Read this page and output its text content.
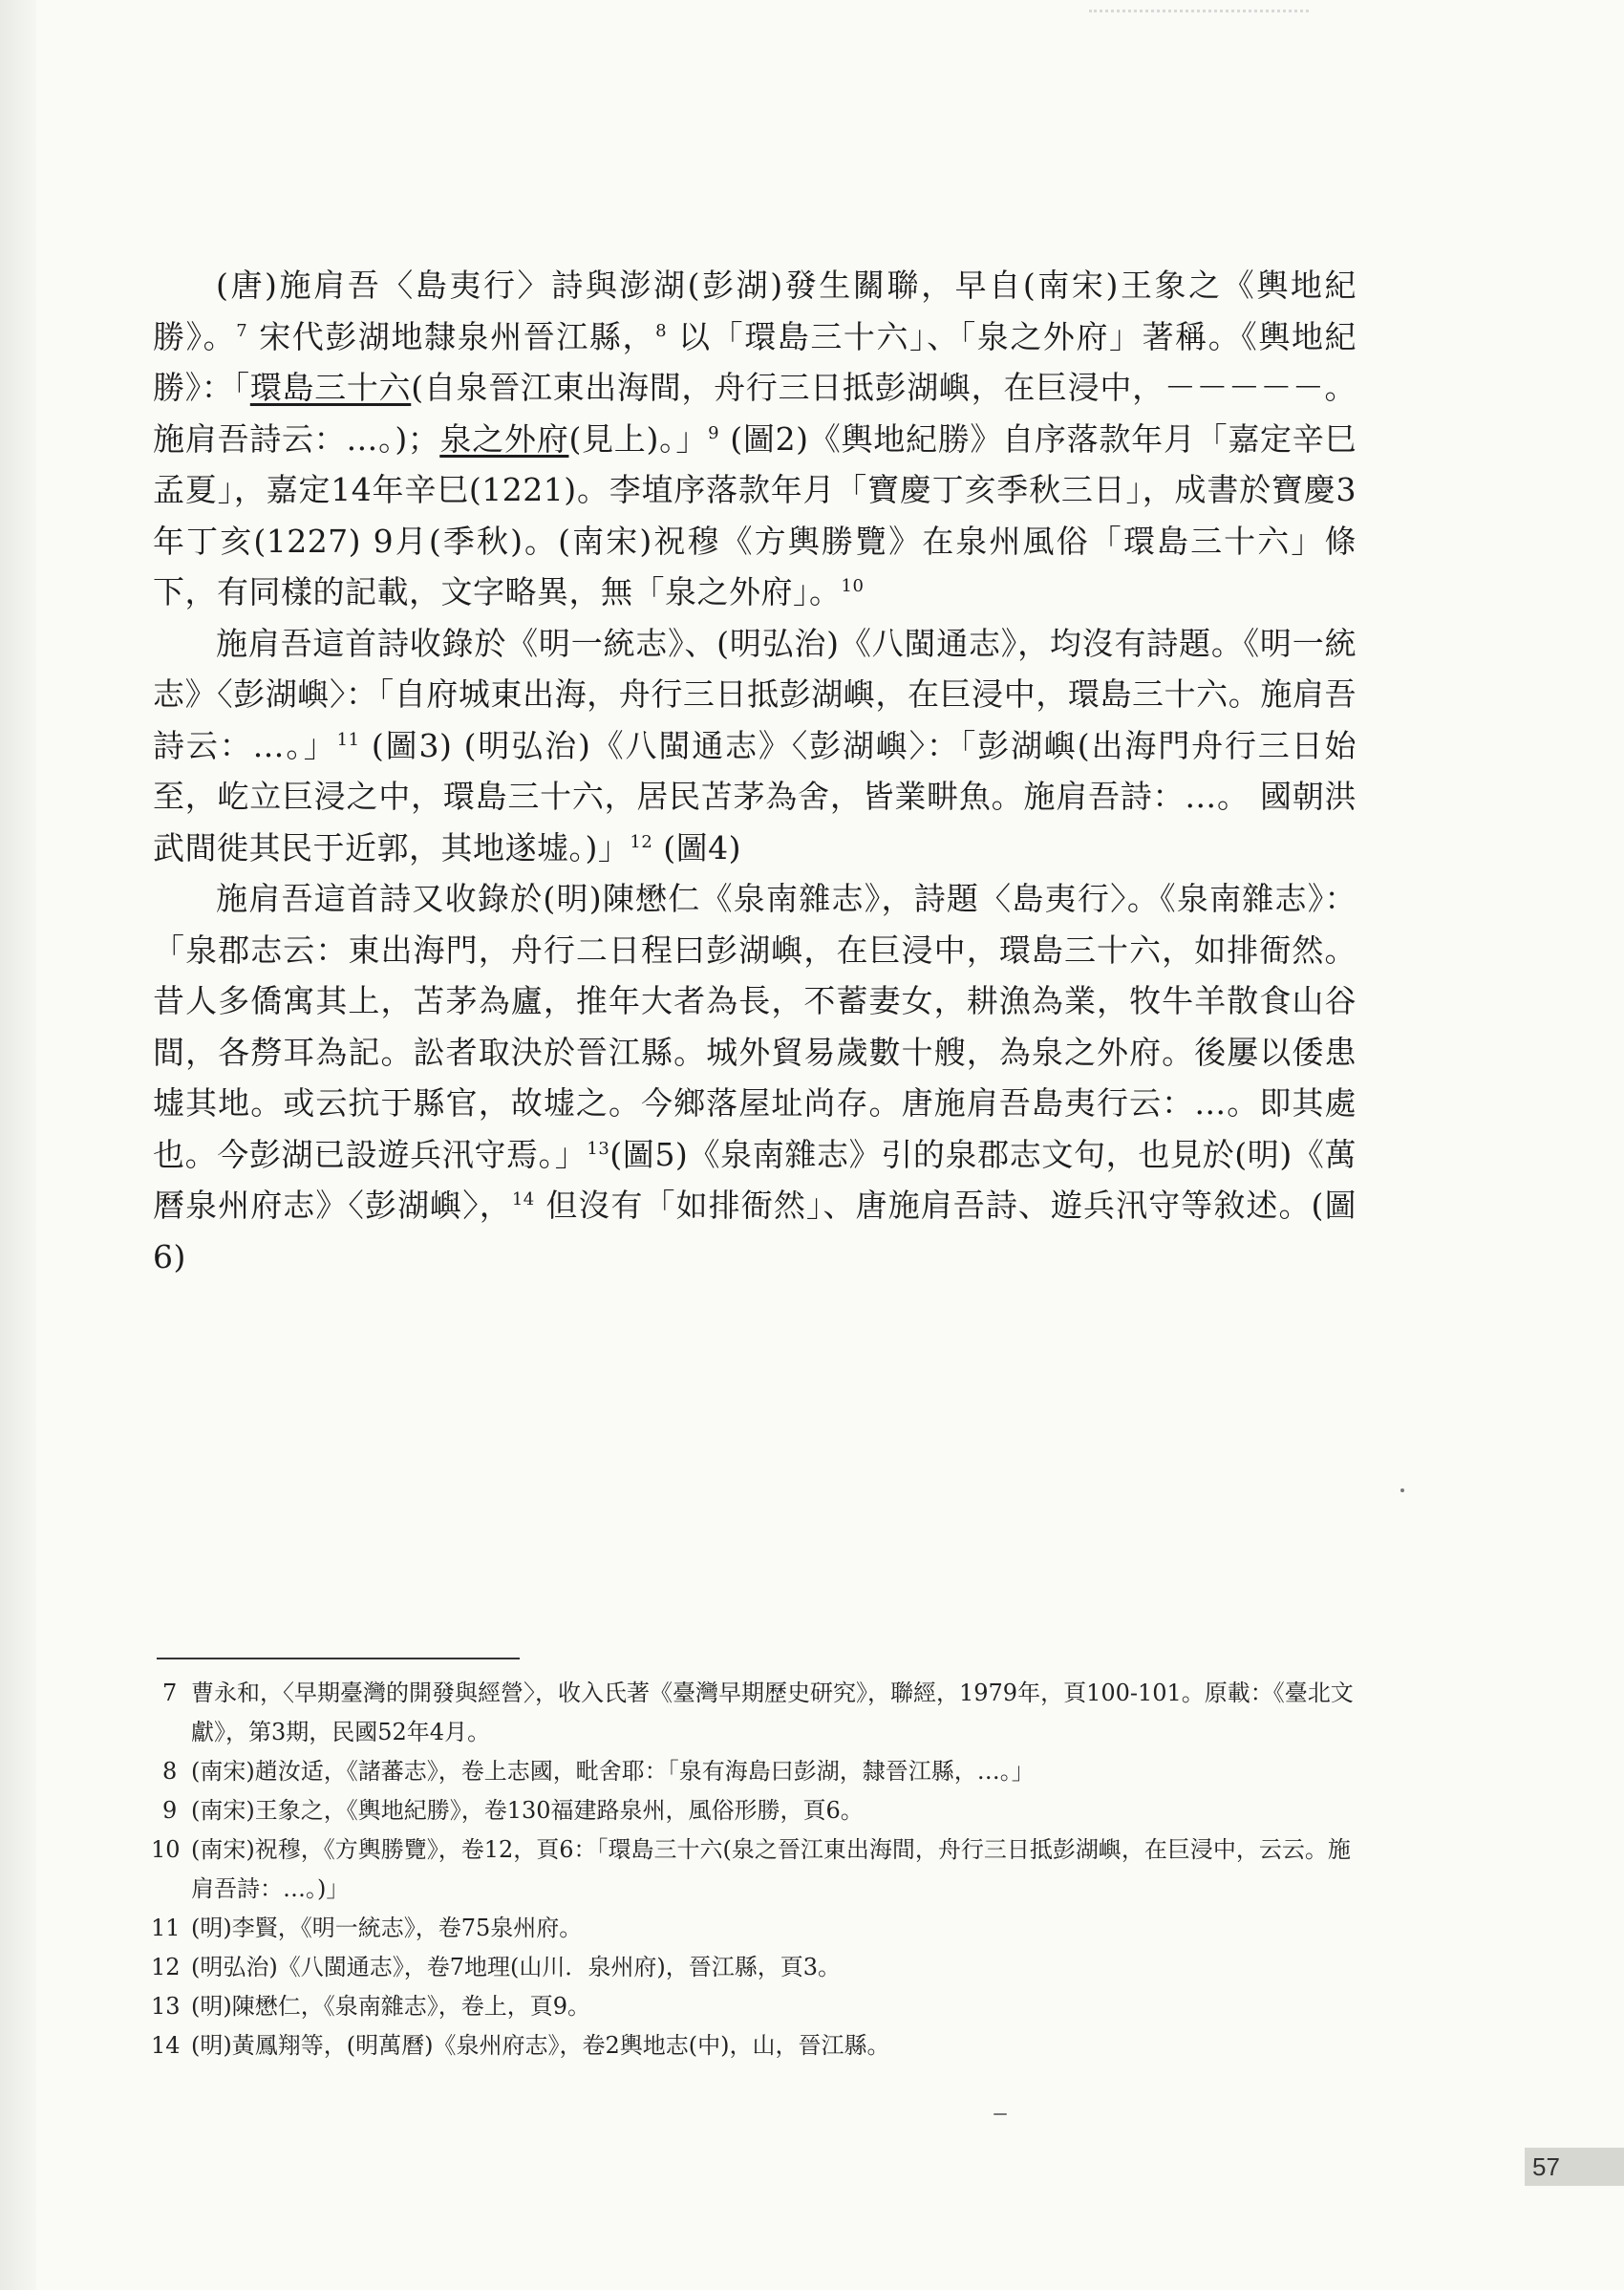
(唐)施肩吾〈島夷行〉詩與澎湖(彭湖)發生關聯，早自(南宋)王象之《輿地紀勝》。$^7$ 宋代彭湖地隸泉州晉江縣，$^8$ 以「環島三十六」、「泉之外府」著稱。《輿地紀勝》：「環島三十六(自泉晉江東出海間，舟行三日抵彭湖嶼，在巨浸中，－－－－－。施肩吾詩云：…。)；泉之外府(見上)。」$^9$ (圖2)《輿地紀勝》自序落款年月「嘉定辛巳孟夏」，嘉定14年辛巳(1221)。李埴序落款年月「寶慶丁亥季秋三日」，成書於寶慶3年丁亥(1227) 9月(季秋)。(南宋)祝穆《方輿勝覽》在泉州風俗「環島三十六」條下，有同樣的記載，文字略異，無「泉之外府」。$^{10}$

施肩吾這首詩收錄於《明一統志》、(明弘治)《八閩通志》，均沒有詩題。《明一統志》〈彭湖嶼〉：「自府城東出海，舟行三日抵彭湖嶼，在巨浸中，環島三十六。施肩吾詩云：…。」$^{11}$ (圖3) (明弘治)《八閩通志》〈彭湖嶼〉：「彭湖嶼(出海門舟行三日始至，屹立巨浸之中，環島三十六，居民苫茅為舍，皆業畊魚。施肩吾詩：…。 國朝洪武間徙其民于近郭，其地遂墟。)」$^{12}$ (圖4)

施肩吾這首詩又收錄於(明)陳懋仁《泉南雜志》，詩題〈島夷行〉。《泉南雜志》：「泉郡志云：東出海門，舟行二日程曰彭湖嶼，在巨浸中，環島三十六，如排衙然。昔人多僑寓其上，苫茅為廬，推年大者為長，不蓄妻女，耕漁為業，牧牛羊散食山谷間，各剺耳為記。訟者取決於晉江縣。城外貿易歲數十艘，為泉之外府。後屢以倭患墟其地。或云抗于縣官，故墟之。今鄉落屋址尚存。唐施肩吾島夷行云：…。即其處也。今彭湖已設遊兵汛守焉。」$^{13}$(圖5)《泉南雜志》引的泉郡志文句，也見於(明)《萬曆泉州府志》〈彭湖嶼〉，$^{14}$ 但沒有「如排衙然」、唐施肩吾詩、遊兵汛守等敘述。(圖6)

7 曹永和，〈早期臺灣的開發與經營〉，收入氏著《臺灣早期歷史研究》，聯經，1979年，頁100-101。原載：《臺北文獻》，第3期，民國52年4月。
8 (南宋)趙汝适，《諸蕃志》，卷上志國，毗舍耶：「泉有海島曰彭湖，隸晉江縣，…。」
9 (南宋)王象之，《輿地紀勝》，卷130福建路泉州，風俗形勝，頁6。
10 (南宋)祝穆，《方輿勝覽》，卷12，頁6：「環島三十六(泉之晉江東出海間，舟行三日抵彭湖嶼，在巨浸中，云云。施肩吾詩：…。)」
11 (明)李賢，《明一統志》，卷75泉州府。
12 (明弘治)《八閩通志》，卷7地理(山川．泉州府)，晉江縣，頁3。
13 (明)陳懋仁，《泉南雜志》，卷上，頁9。
14 (明)黃鳳翔等，(明萬曆)《泉州府志》，卷2輿地志(中)，山，晉江縣。
57
